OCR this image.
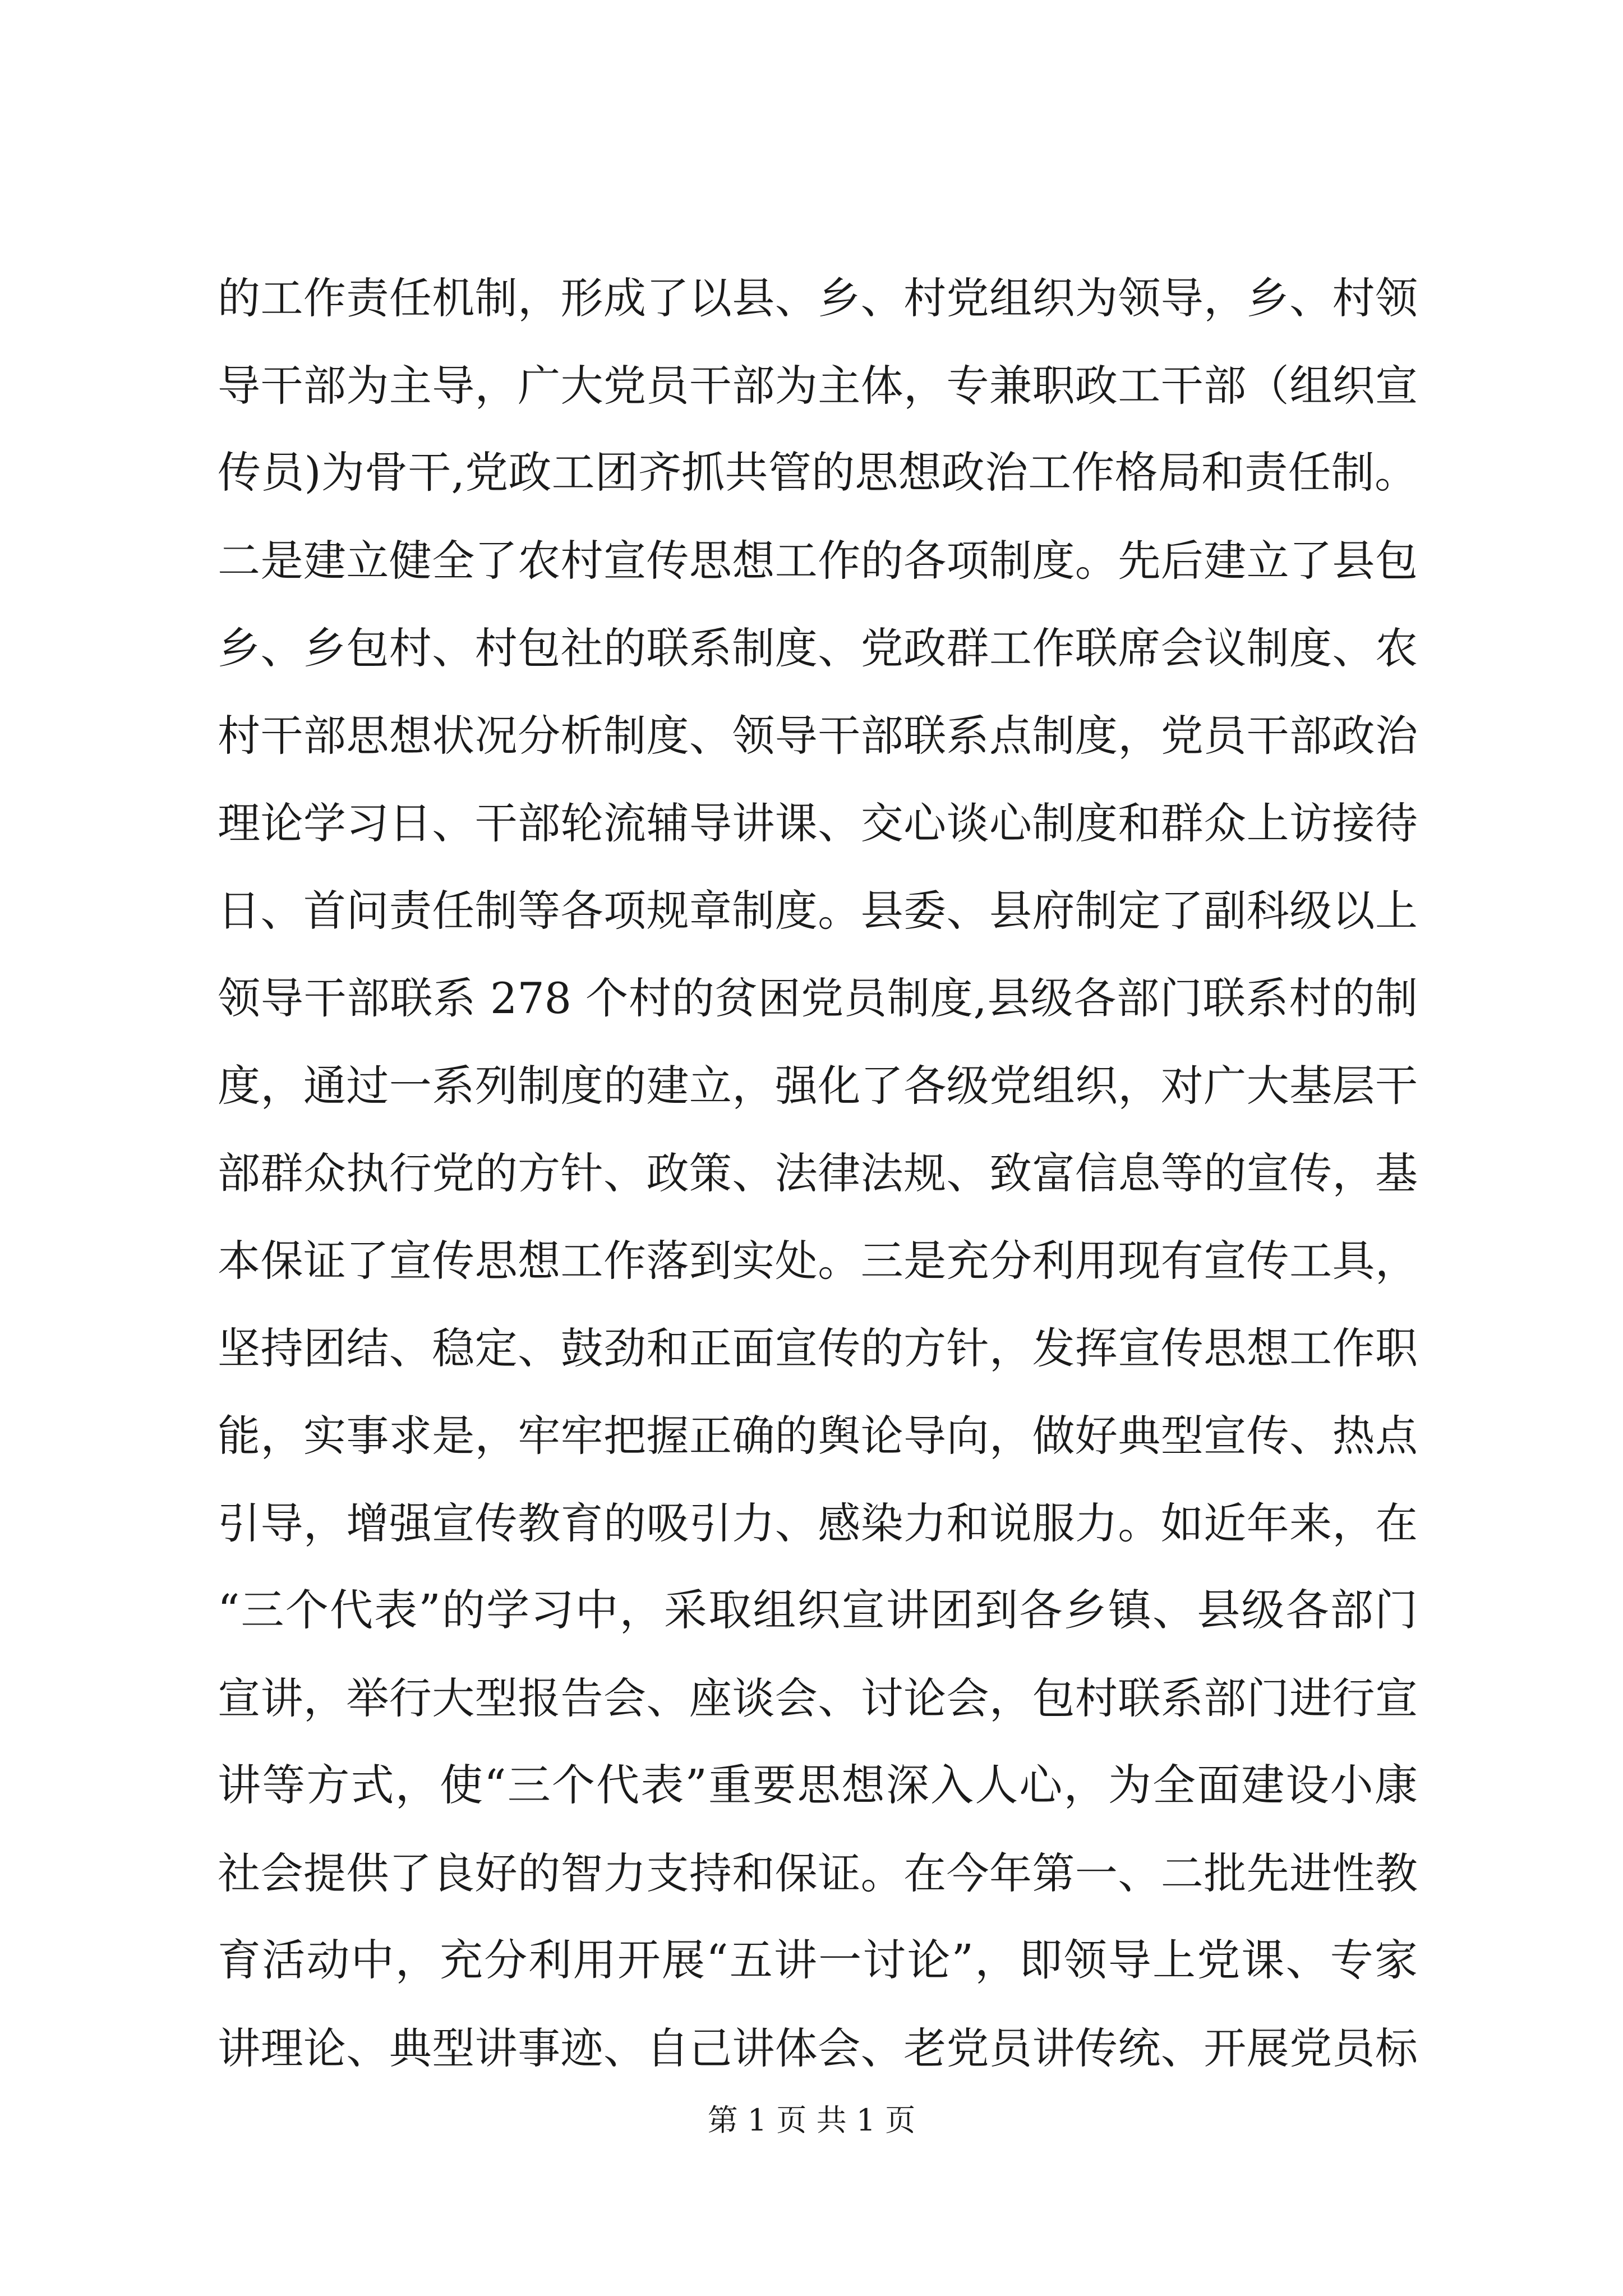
的工作责任机制，形成了以县、乡、村党组织为领导，乡、村领
导干部为主导，广大党员干部为主体，专兼职政工干部（组织宣
传员)为骨干,党政工团齐抓共管的思想政治工作格局和责任制。
二是建立健全了农村宣传思想工作的各项制度。先后建立了县包
乡、乡包村、村包社的联系制度、党政群工作联席会议制度、农
村干部思想状况分析制度、领导干部联系点制度，党员干部政治
理论学习日、干部轮流辅导讲课、交心谈心制度和群众上访接待
日、首问责任制等各项规章制度。县委、县府制定了副科级以上
领导干部联系 278 个村的贫困党员制度,县级各部门联系村的制
度，通过一系列制度的建立，强化了各级党组织，对广大基层干
部群众执行党的方针、政策、法律法规、致富信息等的宣传，基
本保证了宣传思想工作落到实处。三是充分利用现有宣传工具，
坚持团结、稳定、鼓劲和正面宣传的方针，发挥宣传思想工作职
能，实事求是，牢牢把握正确的舆论导向，做好典型宣传、热点
引导，增强宣传教育的吸引力、感染力和说服力。如近年来，在
“三个代表”的学习中，采取组织宣讲团到各乡镇、县级各部门
宣讲，举行大型报告会、座谈会、讨论会，包村联系部门进行宣
讲等方式，使“三个代表”重要思想深入人心，为全面建设小康
社会提供了良好的智力支持和保证。在今年第一、二批先进性教
育活动中，充分利用开展“五讲一讨论”，即领导上党课、专家
讲理论、典型讲事迹、自己讲体会、老党员讲传统、开展党员标
第 1 页 共 1 页
